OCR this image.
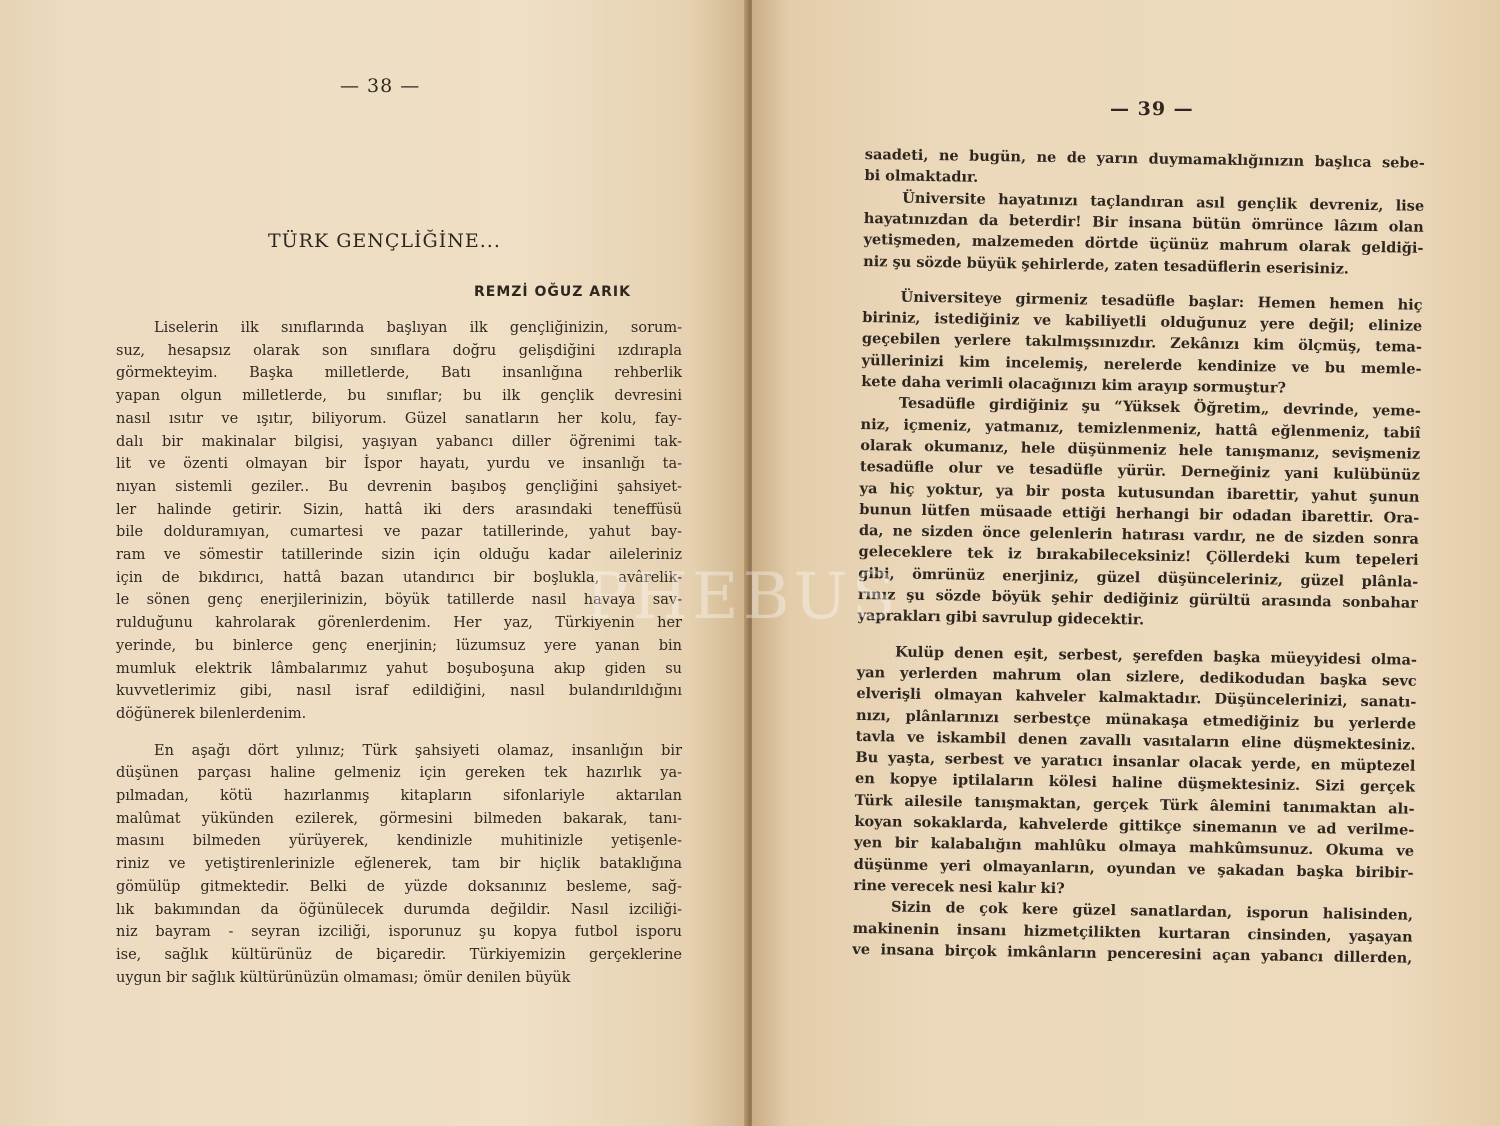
— 38 —
TÜRK GENÇLİĞİNE...
REMZİ OĞUZ ARIK
Liselerin ilk sınıflarında başlıyan ilk gençliğinizin, sorum-
suz, hesapsız olarak son sınıflara doğru gelişdiğini ızdırapla
görmekteyim. Başka milletlerde, Batı insanlığına rehberlik
yapan olgun milletlerde, bu sınıflar; bu ilk gençlik devresini
nasıl ısıtır ve ışıtır, biliyorum. Güzel sanatların her kolu, fay-
dalı bir makinalar bilgisi, yaşıyan yabancı diller öğrenimi tak-
lit ve özenti olmayan bir İspor hayatı, yurdu ve insanlığı ta-
nıyan sistemli geziler.. Bu devrenin başıboş gençliğini şahsiyet-
ler halinde getirir. Sizin, hattâ iki ders arasındaki teneffüsü
bile dolduramıyan, cumartesi ve pazar tatillerinde, yahut bay-
ram ve sömestir tatillerinde sizin için olduğu kadar aileleriniz
için de bıkdırıcı, hattâ bazan utandırıcı bir boşlukla, avârelik-
le sönen genç enerjilerinizin, böyük tatillerde nasıl havaya sav-
rulduğunu kahrolarak görenlerdenim. Her yaz, Türkiyenin her
yerinde, bu binlerce genç enerjinin; lüzumsuz yere yanan bin
mumluk elektrik lâmbalarımız yahut boşuboşuna akıp giden su
kuvvetlerimiz gibi, nasıl israf edildiğini, nasıl bulandırıldığını
döğünerek bilenlerdenim.
En aşağı dört yılınız; Türk şahsiyeti olamaz, insanlığın bir
düşünen parçası haline gelmeniz için gereken tek hazırlık ya-
pılmadan, kötü hazırlanmış kitapların sifonlariyle aktarılan
malûmat yükünden ezilerek, görmesini bilmeden bakarak, tanı-
masını bilmeden yürüyerek, kendinizle muhitinizle yetişenle-
riniz ve yetiştirenlerinizle eğlenerek, tam bir hiçlik bataklığına
gömülüp gitmektedir. Belki de yüzde doksanınız besleme, sağ-
lık bakımından da öğünülecek durumda değildir. Nasıl izciliği-
niz bayram - seyran izciliği, isporunuz şu kopya futbol isporu
ise, sağlık kültürünüz de biçaredir. Türkiyemizin gerçeklerine
uygun bir sağlık kültürünüzün olmaması; ömür denilen büyük
— 39 —
saadeti, ne bugün, ne de yarın duymamaklığınızın başlıca sebe-
bi olmaktadır.
Üniversite hayatınızı taçlandıran asıl gençlik devreniz, lise
hayatınızdan da beterdir! Bir insana bütün ömrünce lâzım olan
yetişmeden, malzemeden dörtde üçünüz mahrum olarak geldiği-
niz şu sözde büyük şehirlerde, zaten tesadüflerin eserisiniz.
Üniversiteye girmeniz tesadüfle başlar: Hemen hemen hiç
biriniz, istediğiniz ve kabiliyetli olduğunuz yere değil; elinize
geçebilen yerlere takılmışsınızdır. Zekânızı kim ölçmüş, tema-
yüllerinizi kim incelemiş, nerelerde kendinize ve bu memle-
kete daha verimli olacağınızı kim arayıp sormuştur?
Tesadüfle girdiğiniz şu “Yüksek Öğretim„ devrinde, yeme-
niz, içmeniz, yatmanız, temizlenmeniz, hattâ eğlenmeniz, tabiî
olarak okumanız, hele düşünmeniz hele tanışmanız, sevişmeniz
tesadüfle olur ve tesadüfle yürür. Derneğiniz yani kulübünüz
ya hiç yoktur, ya bir posta kutusundan ibarettir, yahut şunun
bunun lütfen müsaade ettiği herhangi bir odadan ibarettir. Ora-
da, ne sizden önce gelenlerin hatırası vardır, ne de sizden sonra
geleceklere tek iz bırakabileceksiniz! Çöllerdeki kum tepeleri
gibi, ömrünüz enerjiniz, güzel düşünceleriniz, güzel plânla-
rınız şu sözde böyük şehir dediğiniz gürültü arasında sonbahar
yaprakları gibi savrulup gidecektir.
Kulüp denen eşit, serbest, şerefden başka müeyyidesi olma-
yan yerlerden mahrum olan sizlere, dedikodudan başka sevc
elverişli olmayan kahveler kalmaktadır. Düşüncelerinizi, sanatı-
nızı, plânlarınızı serbestçe münakaşa etmediğiniz bu yerlerde
tavla ve iskambil denen zavallı vasıtaların eline düşmektesiniz.
Bu yaşta, serbest ve yaratıcı insanlar olacak yerde, en müptezel
en kopye iptilaların kölesi haline düşmektesiniz. Sizi gerçek
Türk ailesile tanışmaktan, gerçek Türk âlemini tanımaktan alı-
koyan sokaklarda, kahvelerde gittikçe sinemanın ve ad verilme-
yen bir kalabalığın mahlûku olmaya mahkûmsunuz. Okuma ve
düşünme yeri olmayanların, oyundan ve şakadan başka biribir-
rine verecek nesi kalır ki?
Sizin de çok kere güzel sanatlardan, isporun halisinden,
makinenin insanı hizmetçilikten kurtaran cinsinden, yaşayan
ve insana birçok imkânların penceresini açan yabancı dillerden,
PHEBUS
